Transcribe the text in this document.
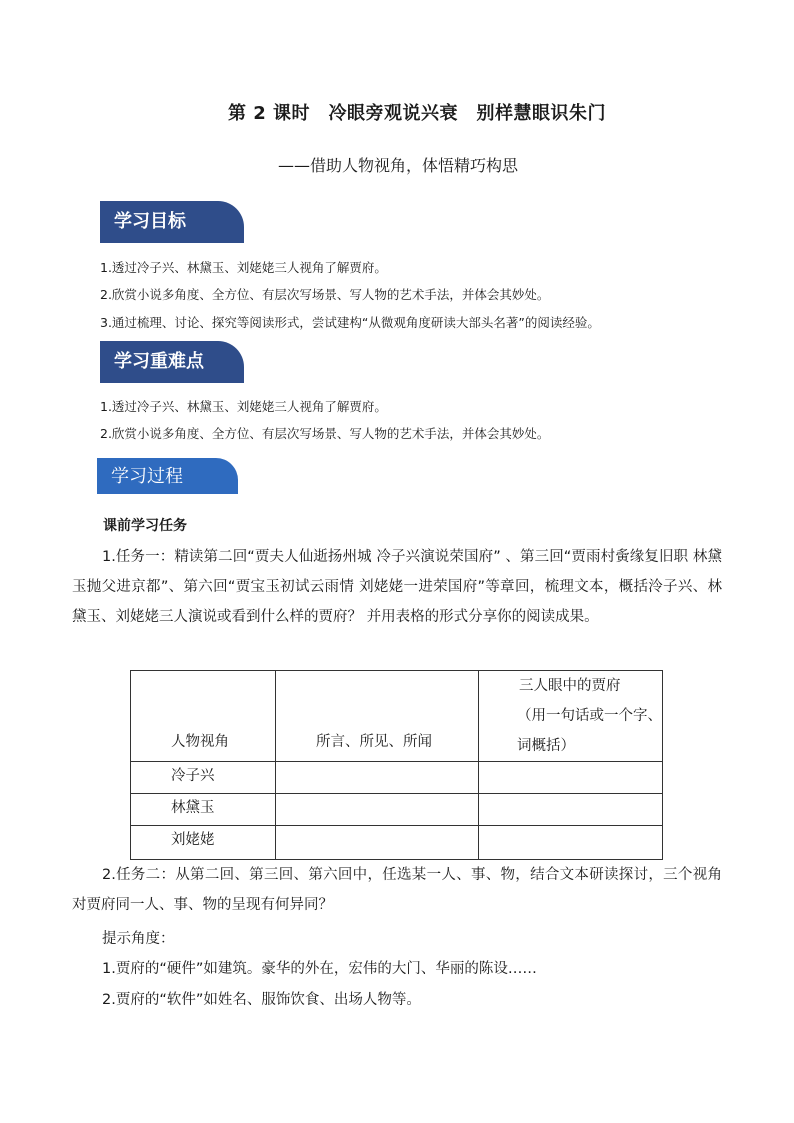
第 2 课时　冷眼旁观说兴衰　别样慧眼识朱门
——借助人物视角，体悟精巧构思
学习目标
1.透过冷子兴、林黛玉、刘姥姥三人视角了解贾府。
2.欣赏小说多角度、全方位、有层次写场景、写人物的艺术手法，并体会其妙处。
3.通过梳理、讨论、探究等阅读形式，尝试建构“从微观角度研读大部头名著”的阅读经验。
学习重难点
1.透过冷子兴、林黛玉、刘姥姥三人视角了解贾府。
2.欣赏小说多角度、全方位、有层次写场景、写人物的艺术手法，并体会其妙处。
学习过程
课前学习任务
1.任务一：精读第二回“贾夫人仙逝扬州城 冷子兴演说荣国府” 、第三回“贾雨村夤缘复旧职 林黛玉抛父进京都”、第六回“贾宝玉初试云雨情 刘姥姥一进荣国府”等章回，梳理文本，概括泠子兴、林黛玉、刘姥姥三人演说或看到什么样的贾府？ 并用表格的形式分享你的阅读成果。
人物视角	所言、所见、所闻	三人眼中的贾府
（用一句话或一个字、词概括）

冷子兴		
林黛玉		
刘姥姥		
2.任务二：从第二回、第三回、第六回中，任选某一人、事、物，结合文本研读探讨，三个视角对贾府同一人、事、物的呈现有何异同？
提示角度：
1.贾府的“硬件”如建筑。豪华的外在，宏伟的大门、华丽的陈设……
2.贾府的“软件”如姓名、服饰饮食、出场人物等。
